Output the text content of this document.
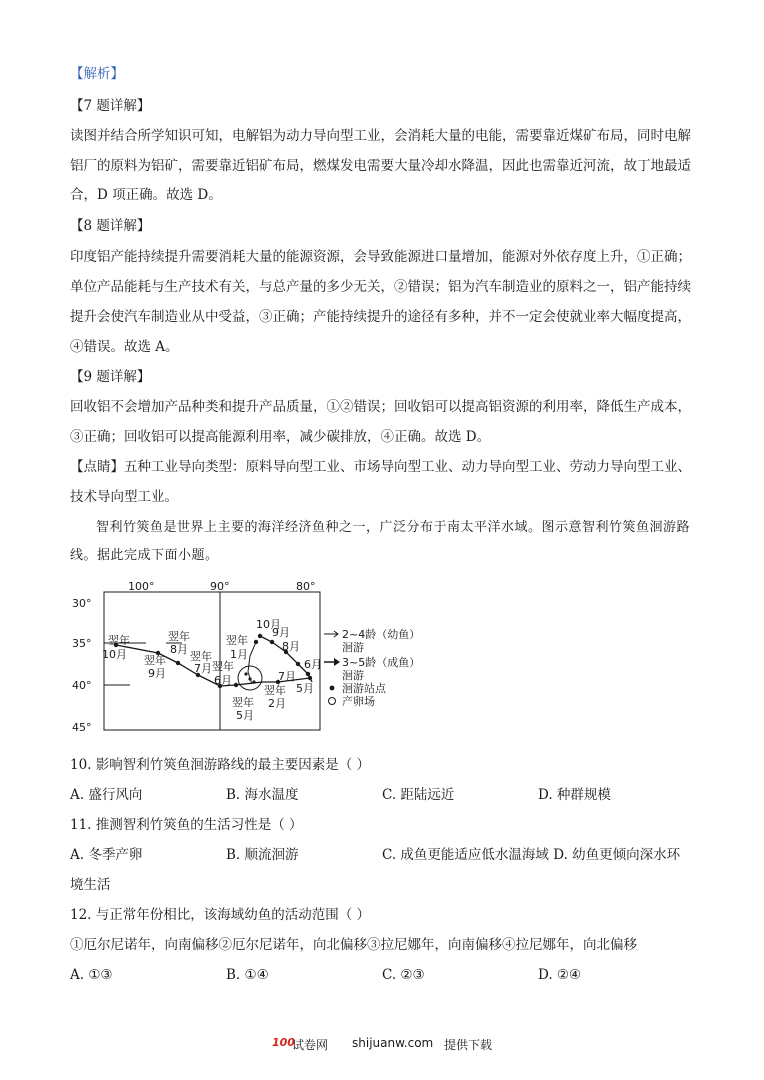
【解析】
【7 题详解】
读图并结合所学知识可知，电解铝为动力导向型工业，会消耗大量的电能，需要靠近煤矿布局，同时电解
铝厂的原料为铝矿，需要靠近铝矿布局，燃煤发电需要大量冷却水降温，因此也需靠近河流，故丁地最适
合，D 项正确。故选 D。
【8 题详解】
印度铝产能持续提升需要消耗大量的能源资源，会导致能源进口量增加，能源对外依存度上升，①正确；
单位产品能耗与生产技术有关，与总产量的多少无关，②错误；铝为汽车制造业的原料之一，铝产能持续
提升会使汽车制造业从中受益，③正确；产能持续提升的途径有多种，并不一定会使就业率大幅度提高，
④错误。故选 A。
【9 题详解】
回收铝不会增加产品种类和提升产品质量，①②错误；回收铝可以提高铝资源的利用率，降低生产成本，
③正确；回收铝可以提高能源利用率，减少碳排放，④正确。故选 D。
【点睛】五种工业导向类型：原料导向型工业、市场导向型工业、动力导向型工业、劳动力导向型工业、
技术导向型工业。
智利竹筴鱼是世界上主要的海洋经济鱼种之一，广泛分布于南太平洋水域。图示意智利竹筴鱼洄游路
线。据此完成下面小题。
100°	90°	80°
30°
35°
40°
45°
翌年
10月 翌年
9月
翌年
8月
翌年
7月 翌年
6月
翌年
1月
10月
9月
8月
6月
7月
5月
翌年
2月
翌年
5月
2~4龄（幼鱼）
洄游
3~5龄（成鱼）
洄游
洄游站点
产卵场
10. 影响智利竹筴鱼洄游路线的最主要因素是（ ）
A. 盛行风向	B. 海水温度	C. 距陆远近	D. 种群规模
11. 推测智利竹筴鱼的生活习性是（ ）
A. 冬季产卵	B. 顺流洄游	C. 成鱼更能适应低水温海域 D. 幼鱼更倾向深水环
境生活
12. 与正常年份相比，该海域幼鱼的活动范围（ ）
①厄尔尼诺年，向南偏移②厄尔尼诺年，向北偏移③拉尼娜年，向南偏移④拉尼娜年，向北偏移
A. ①③	B. ①④	C. ②③	D. ②④
100
试卷网 shijuanw.com 提供下载
